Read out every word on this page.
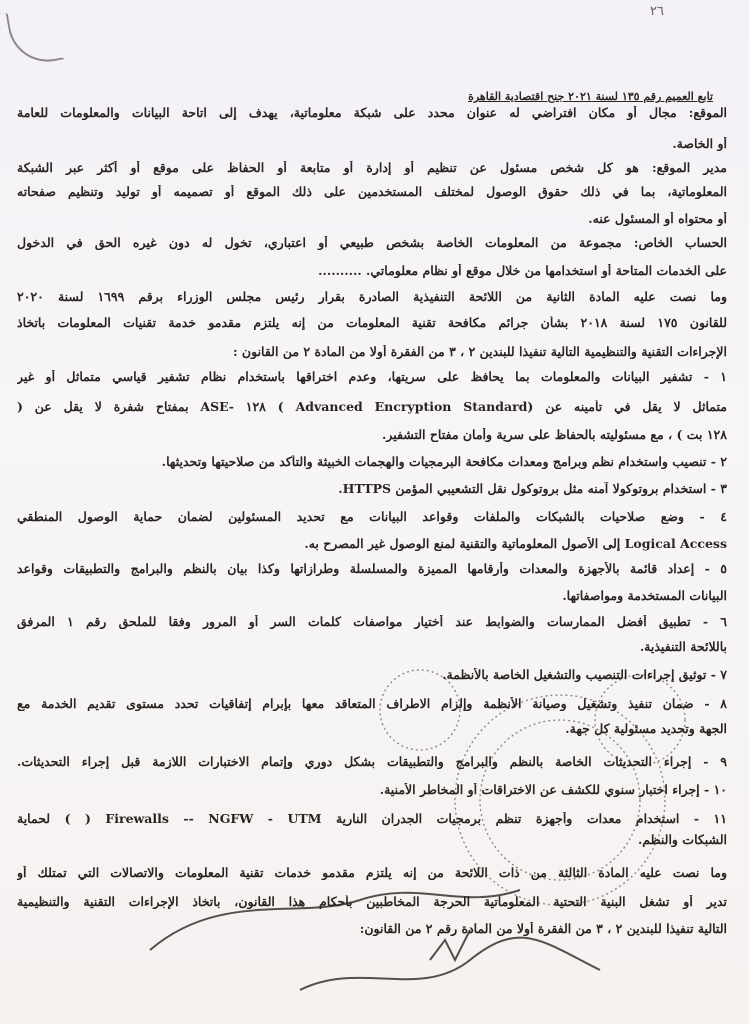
٢٦
تابع العميم رقم ١٣٥ لسنة ٢٠٢١ جنح اقتصادية القاهرة
الموقع: مجال أو مكان افتراضي له عنوان محدد على شبكة معلوماتية، يهدف إلى اتاحة البيانات والمعلومات للعامة
أو الخاصة.
مدير الموقع: هو كل شخص مسئول عن تنظيم أو إدارة أو متابعة أو الحفاظ على موقع أو أكثر عبر الشبكة
المعلوماتية، بما في ذلك حقوق الوصول لمختلف المستخدمين على ذلك الموقع أو تصميمه أو توليد وتنظيم صفحاته
أو محتواه أو المسئول عنه.
الحساب الخاص: مجموعة من المعلومات الخاصة بشخص طبيعي أو اعتباري، تخول له دون غيره الحق في الدخول
على الخدمات المتاحة أو استخدامها من خلال موقع أو نظام معلوماتي. ..........
وما نصت عليه المادة الثانية من اللائحة التنفيذية الصادرة بقرار رئيس مجلس الوزراء برقم ١٦٩٩ لسنة ٢٠٢٠
للقانون ١٧٥ لسنة ٢٠١٨ بشأن جرائم مكافحة تقنية المعلومات من إنه يلتزم مقدمو خدمة تقنيات المعلومات باتخاذ
الإجراءات التقنية والتنظيمية التالية تنفيذا للبندين ٢ ، ٣ من الفقرة أولا من المادة ٢ من القانون :
١ - تشفير البيانات والمعلومات بما يحافظ على سريتها، وعدم اختراقها باستخدام نظام تشفير قياسي متماثل أو غير
متماثل لا يقل في تأمينه عن (Advanced Encryption Standard ) ١٢٨ -ASE بمفتاح شفرة لا يقل عن (
١٢٨ بت ) ، مع مسئوليته بالحفاظ على سرية وأمان مفتاح التشفير.
٢ - تنصيب واستخدام نظم وبرامج ومعدات مكافحة البرمجيات والهجمات الخبيثة والتأكد من صلاحيتها وتحديثها.
٣ - استخدام بروتوكولا آمنه مثل بروتوكول نقل التشعيبي المؤمن HTTPS.
٤ - وضع صلاحيات بالشبكات والملفات وقواعد البيانات مع تحديد المسئولين لضمان حماية الوصول المنطقي
Logical Access إلى الأصول المعلوماتية والتقنية لمنع الوصول غير المصرح به.
٥ - إعداد قائمة بالأجهزة والمعدات وأرقامها المميزة والمسلسلة وطرازاتها وكذا بيان بالنظم والبرامج والتطبيقات وقواعد
البيانات المستخدمة ومواصفاتها.
٦ - تطبيق أفضل الممارسات والضوابط عند أختيار مواصفات كلمات السر أو المرور وفقا للملحق رقم ١ المرفق
باللائحة التنفيذية.
٧ - توثيق إجراءات التنصيب والتشغيل الخاصة بالأنظمة.
٨ - ضمان تنفيذ وتشغيل وصيانة الأنظمة وإلزام الاطراف المتعاقد معها بإبرام إتفاقيات تحدد مستوى تقديم الخدمة مع
الجهة وتحديد مسئولية كل جهة.
٩ - إجراء التحديثات الخاصة بالنظم والبرامج والتطبيقات بشكل دوري وإتمام الاختبارات اللازمة قبل إجراء التحديثات.
١٠ - إجراء اختبار سنوي للكشف عن الاختراقات أو المخاطر الأمنية.
١١ - استخدام معدات وأجهزة تنظم برمجيات الجدران النارية Firewalls -- NGFW - UTM ( ) لحماية
الشبكات والنظم.
وما نصت عليه المادة الثالثة من ذات اللائحة من إنه يلتزم مقدمو خدمات تقنية المعلومات والاتصالات التي تمتلك أو
تدير أو تشغل البنية التحتية المعلوماتية الحرجة المخاطبين بأحكام هذا القانون، باتخاذ الإجراءات التقنية والتنظيمية
التالية تنفيذا للبندين ٢ ، ٣ من الفقرة أولا من المادة رقم ٢ من القانون:
